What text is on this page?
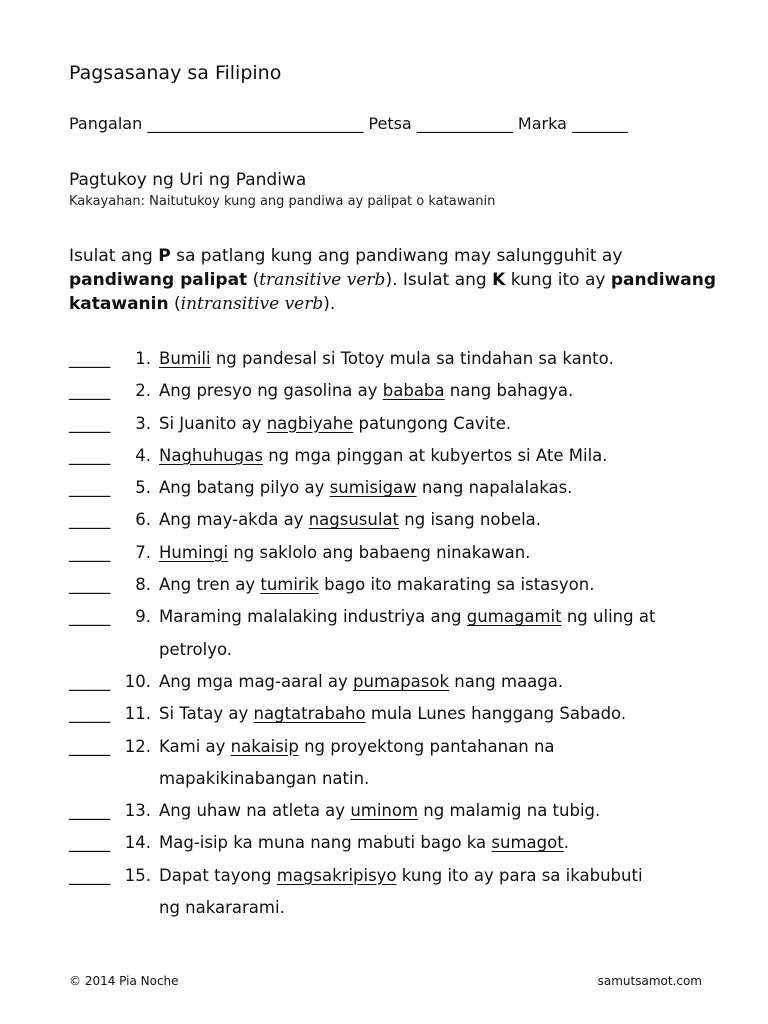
Pagsasanay sa Filipino
Pangalan ___________________________ Petsa ____________ Marka _______
Pagtukoy ng Uri ng Pandiwa
Kakayahan: Naitutukoy kung ang pandiwa ay palipat o katawanin
Isulat ang P sa patlang kung ang pandiwang may salungguhit ay pandiwang palipat (transitive verb). Isulat ang K kung ito ay pandiwang katawanin (intransitive verb).
_____	1. Bumili ng pandesal si Totoy mula sa tindahan sa kanto.
_____	2. Ang presyo ng gasolina ay bababa nang bahagya.
_____	3. Si Juanito ay nagbiyahe patungong Cavite.
_____	4. Naghuhugas ng mga pinggan at kubyertos si Ate Mila.
_____	5. Ang batang pilyo ay sumisigaw nang napalalakas.
_____	6. Ang may-akda ay nagsusulat ng isang nobela.
_____	7. Humingi ng saklolo ang babaeng ninakawan.
_____	8. Ang tren ay tumirik bago ito makarating sa istasyon.
_____	9. Maraming malalaking industriya ang gumagamit ng uling at
petrolyo.
_____ 10. Ang mga mag-aaral ay pumapasok nang maaga.
_____ 11. Si Tatay ay nagtatrabaho mula Lunes hanggang Sabado.
_____ 12. Kami ay nakaisip ng proyektong pantahanan na
mapakikinabangan natin.
_____ 13. Ang uhaw na atleta ay uminom ng malamig na tubig.
_____ 14. Mag-isip ka muna nang mabuti bago ka sumagot.
_____ 15. Dapat tayong magsakripisyo kung ito ay para sa ikabubuti
ng nakararami.
© 2014 Pia Noche	samutsamot.com
